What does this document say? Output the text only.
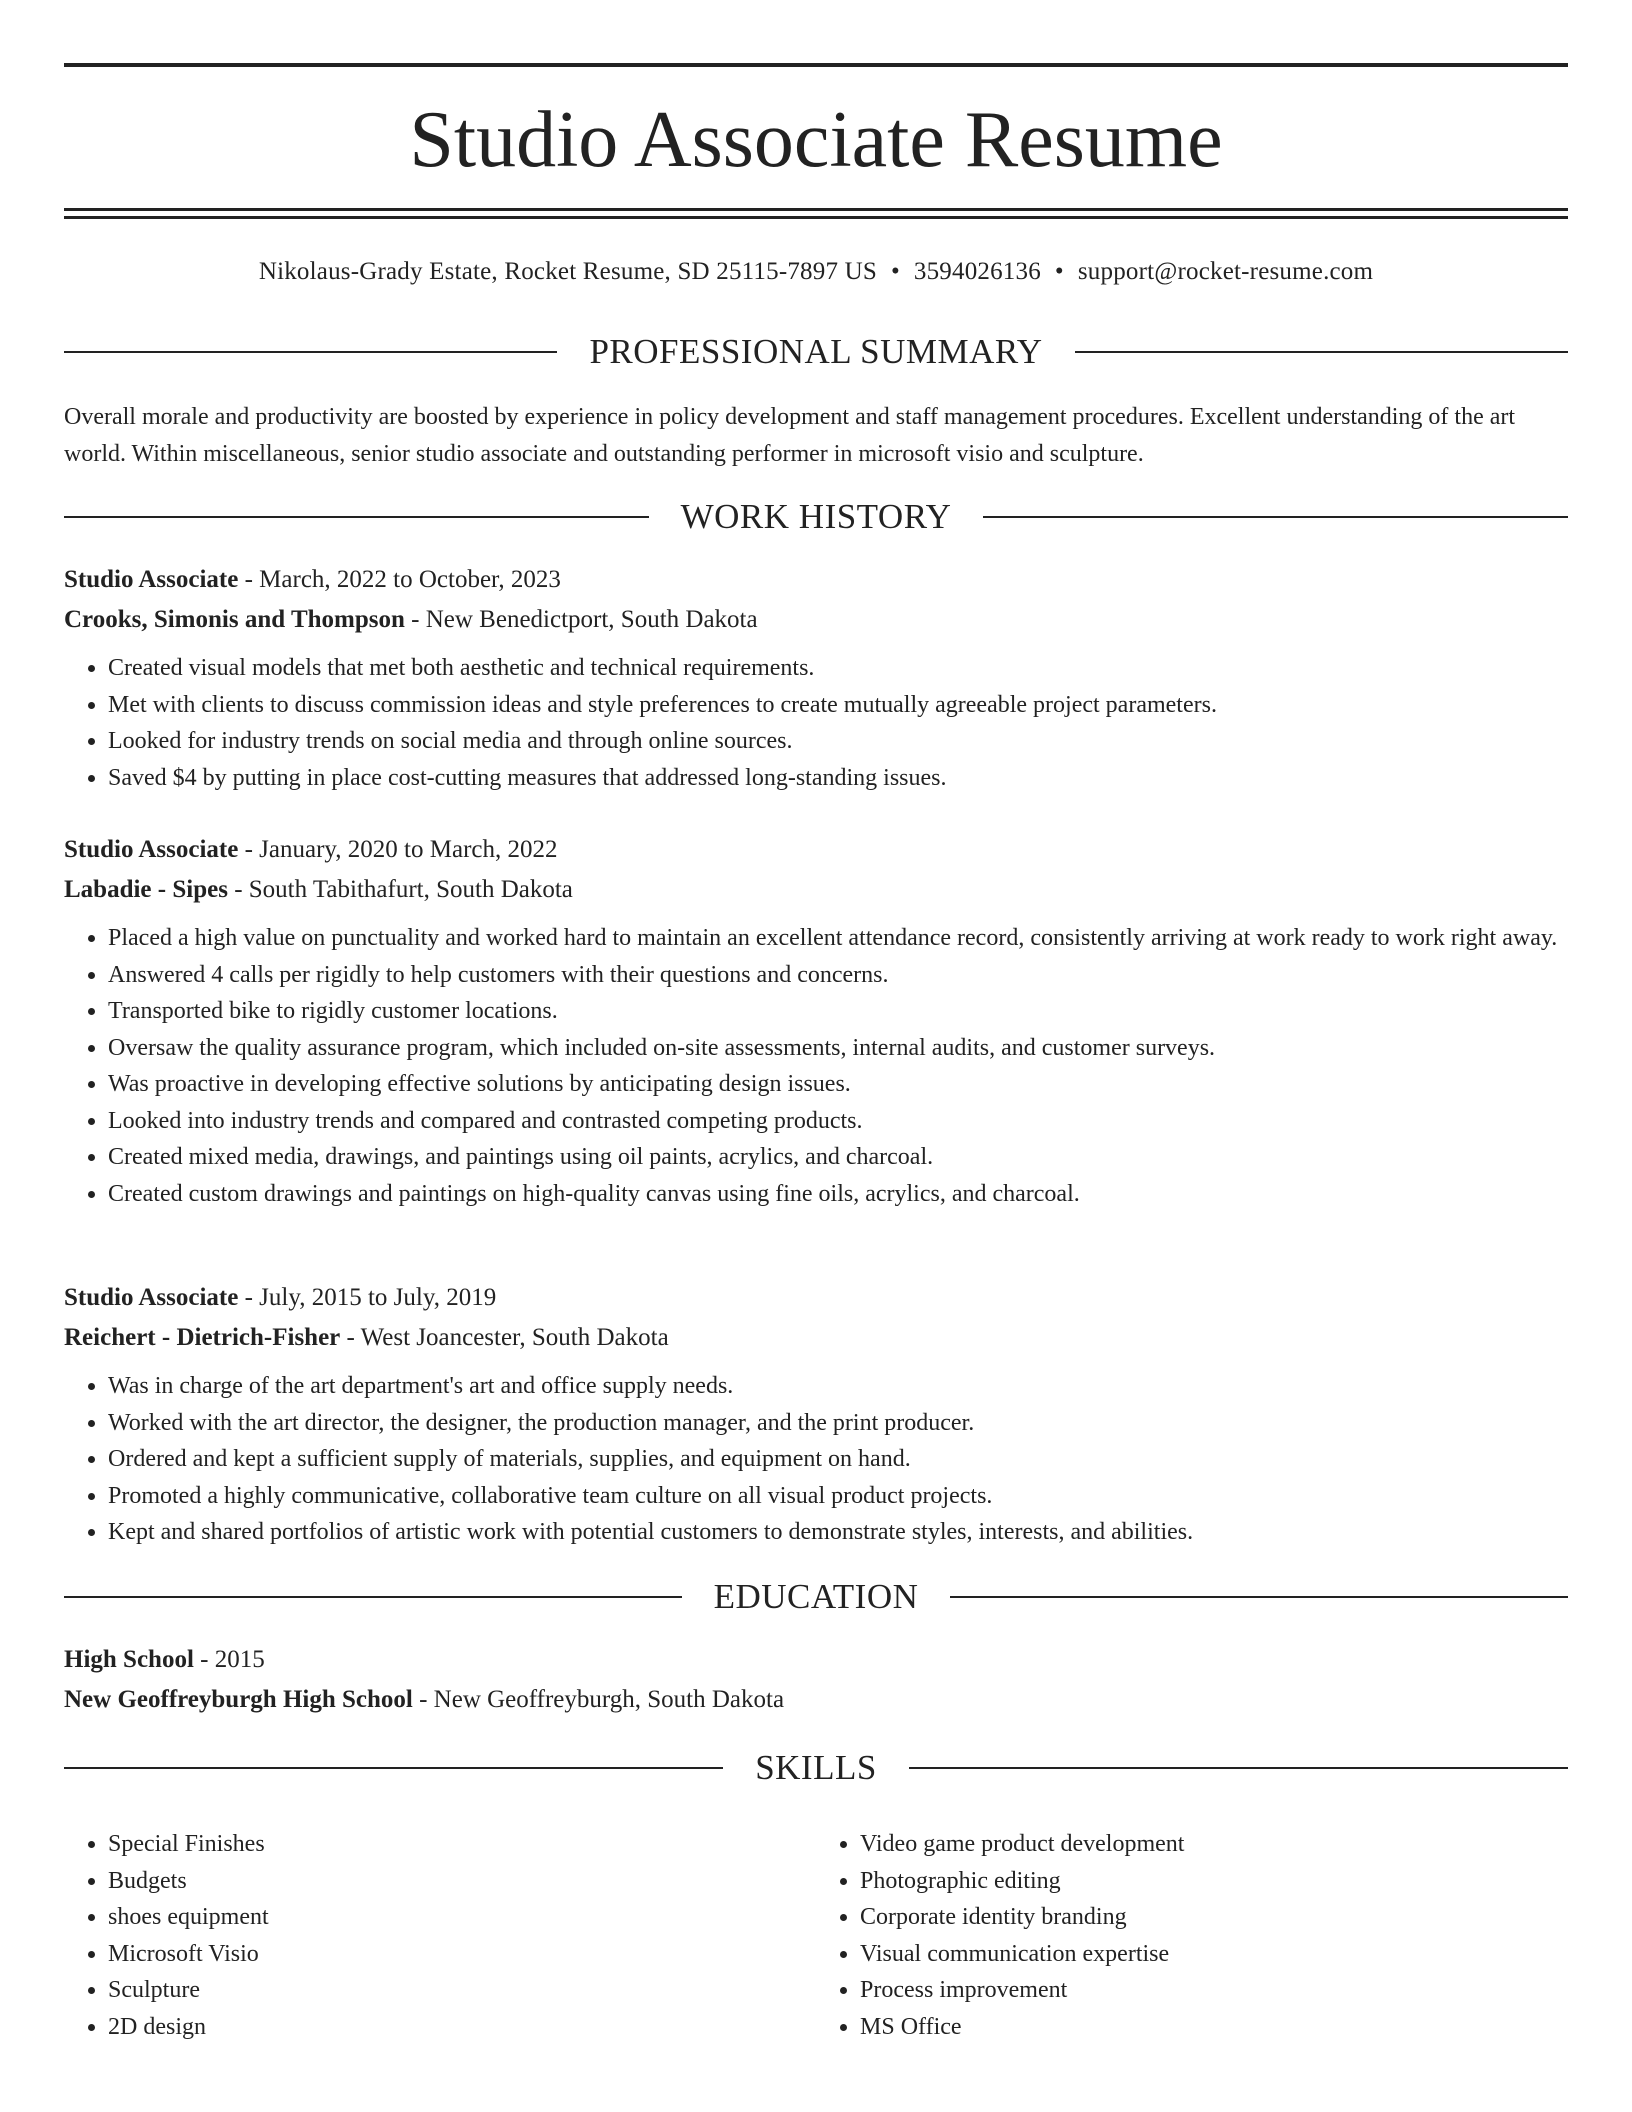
Studio Associate Resume
Nikolaus-Grady Estate, Rocket Resume, SD 25115-7897 US • 3594026136 • support@rocket-resume.com
PROFESSIONAL SUMMARY

Overall morale and productivity are boosted by experience in policy development and staff management procedures. Excellent understanding of the art world. Within miscellaneous, senior studio associate and outstanding performer in microsoft visio and sculpture.

WORK HISTORY
Studio Associate - March, 2022 to October, 2023
Crooks, Simonis and Thompson - New Benedictport, South Dakota
• Created visual models that met both aesthetic and technical requirements.
• Met with clients to discuss commission ideas and style preferences to create mutually agreeable project parameters.
• Looked for industry trends on social media and through online sources.
• Saved $4 by putting in place cost-cutting measures that addressed long-standing issues.
Studio Associate - January, 2020 to March, 2022
Labadie - Sipes - South Tabithafurt, South Dakota
• Placed a high value on punctuality and worked hard to maintain an excellent attendance record, consistently arriving at work ready to work right away.
• Answered 4 calls per rigidly to help customers with their questions and concerns.
• Transported bike to rigidly customer locations.
• Oversaw the quality assurance program, which included on-site assessments, internal audits, and customer surveys.
• Was proactive in developing effective solutions by anticipating design issues.
• Looked into industry trends and compared and contrasted competing products.
• Created mixed media, drawings, and paintings using oil paints, acrylics, and charcoal.
• Created custom drawings and paintings on high-quality canvas using fine oils, acrylics, and charcoal.
Studio Associate - July, 2015 to July, 2019
Reichert - Dietrich-Fisher - West Joancester, South Dakota
• Was in charge of the art department's art and office supply needs.
• Worked with the art director, the designer, the production manager, and the print producer.
• Ordered and kept a sufficient supply of materials, supplies, and equipment on hand.
• Promoted a highly communicative, collaborative team culture on all visual product projects.
• Kept and shared portfolios of artistic work with potential customers to demonstrate styles, interests, and abilities.
EDUCATION
High School - 2015
New Geoffreyburgh High School - New Geoffreyburgh, South Dakota
SKILLS
• Special Finishes
• Budgets
• shoes equipment
• Microsoft Visio
• Sculpture
• 2D design
• Video game product development
• Photographic editing
• Corporate identity branding
• Visual communication expertise
• Process improvement
• MS Office
